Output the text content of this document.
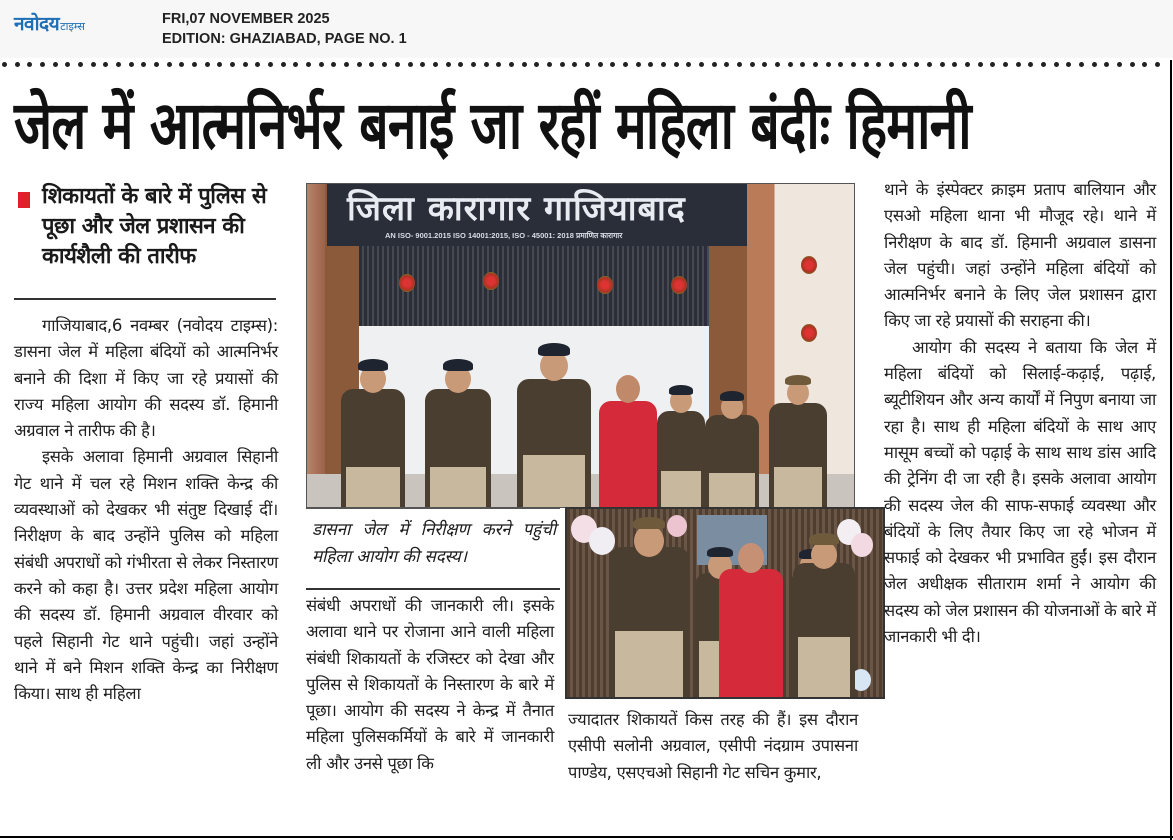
नवोदय टाइम्स	FRI,07 NOVEMBER 2025
EDITION: GHAZIABAD, PAGE NO. 1
जेल में आत्मनिर्भर बनाई जा रहीं महिला बंदीः हिमानी
शिकायतों के बारे में पुलिस से पूछा और जेल प्रशासन की कार्यशैली की तारीफ

गाजियाबाद,6 नवम्बर (नवोदय टाइम्स): डासना जेल में महिला बंदियों को आत्मनिर्भर बनाने की दिशा में किए जा रहे प्रयासों की राज्य महिला आयोग की सदस्य डॉ. हिमानी अग्रवाल ने तारीफ की है।

इसके अलावा हिमानी अग्रवाल सिहानी गेट थाने में चल रहे मिशन शक्ति केन्द्र की व्यवस्थाओं को देखकर भी संतुष्ट दिखाई दीं। निरीक्षण के बाद उन्होंने पुलिस को महिला संबंधी अपराधों को गंभीरता से लेकर निस्तारण करने को कहा है। उत्तर प्रदेश महिला आयोग की सदस्य डॉ. हिमानी अग्रवाल वीरवार को पहले सिहानी गेट थाने पहुंची। जहां उन्होंने थाने में बने मिशन शक्ति केन्द्र का निरीक्षण किया। साथ ही महिला

जिला कारागार गाजियाबाद
AN ISO- 9001.2015 ISO 14001:2015, ISO - 45001: 2018 प्रमाणित कारागार
डासना जेल में निरीक्षण करने पहुंची महिला आयोग की सदस्य।

संबंधी अपराधों की जानकारी ली। इसके अलावा थाने पर रोजाना आने वाली महिला संबंधी शिकायतों के रजिस्टर को देखा और पुलिस से शिकायतों के निस्तारण के बारे में पूछा। आयोग की सदस्य ने केन्द्र में तैनात महिला पुलिसकर्मियों के बारे में जानकारी ली और उनसे पूछा कि

ज्यादातर शिकायतें किस तरह की हैं। इस दौरान एसीपी सलोनी अग्रवाल, एसीपी नंदग्राम उपासना पाण्डेय, एसएचओ सिहानी गेट सचिन कुमार,

थाने के इंस्पेक्टर क्राइम प्रताप बालियान और एसओ महिला थाना भी मौजूद रहे। थाने में निरीक्षण के बाद डॉ. हिमानी अग्रवाल डासना जेल पहुंची। जहां उन्होंने महिला बंदियों को आत्मनिर्भर बनाने के लिए जेल प्रशासन द्वारा किए जा रहे प्रयासों की सराहना की।

आयोग की सदस्य ने बताया कि जेल में महिला बंदियों को सिलाई-कढ़ाई, पढ़ाई, ब्यूटीशियन और अन्य कार्यों में निपुण बनाया जा रहा है। साथ ही महिला बंदियों के साथ आए मासूम बच्चों को पढ़ाई के साथ साथ डांस आदि की ट्रेनिंग दी जा रही है। इसके अलावा आयोग की सदस्य जेल की साफ-सफाई व्यवस्था और बंदियों के लिए तैयार किए जा रहे भोजन में सफाई को देखकर भी प्रभावित हुईं। इस दौरान जेल अधीक्षक सीताराम शर्मा ने आयोग की सदस्य को जेल प्रशासन की योजनाओं के बारे में जानकारी भी दी।
